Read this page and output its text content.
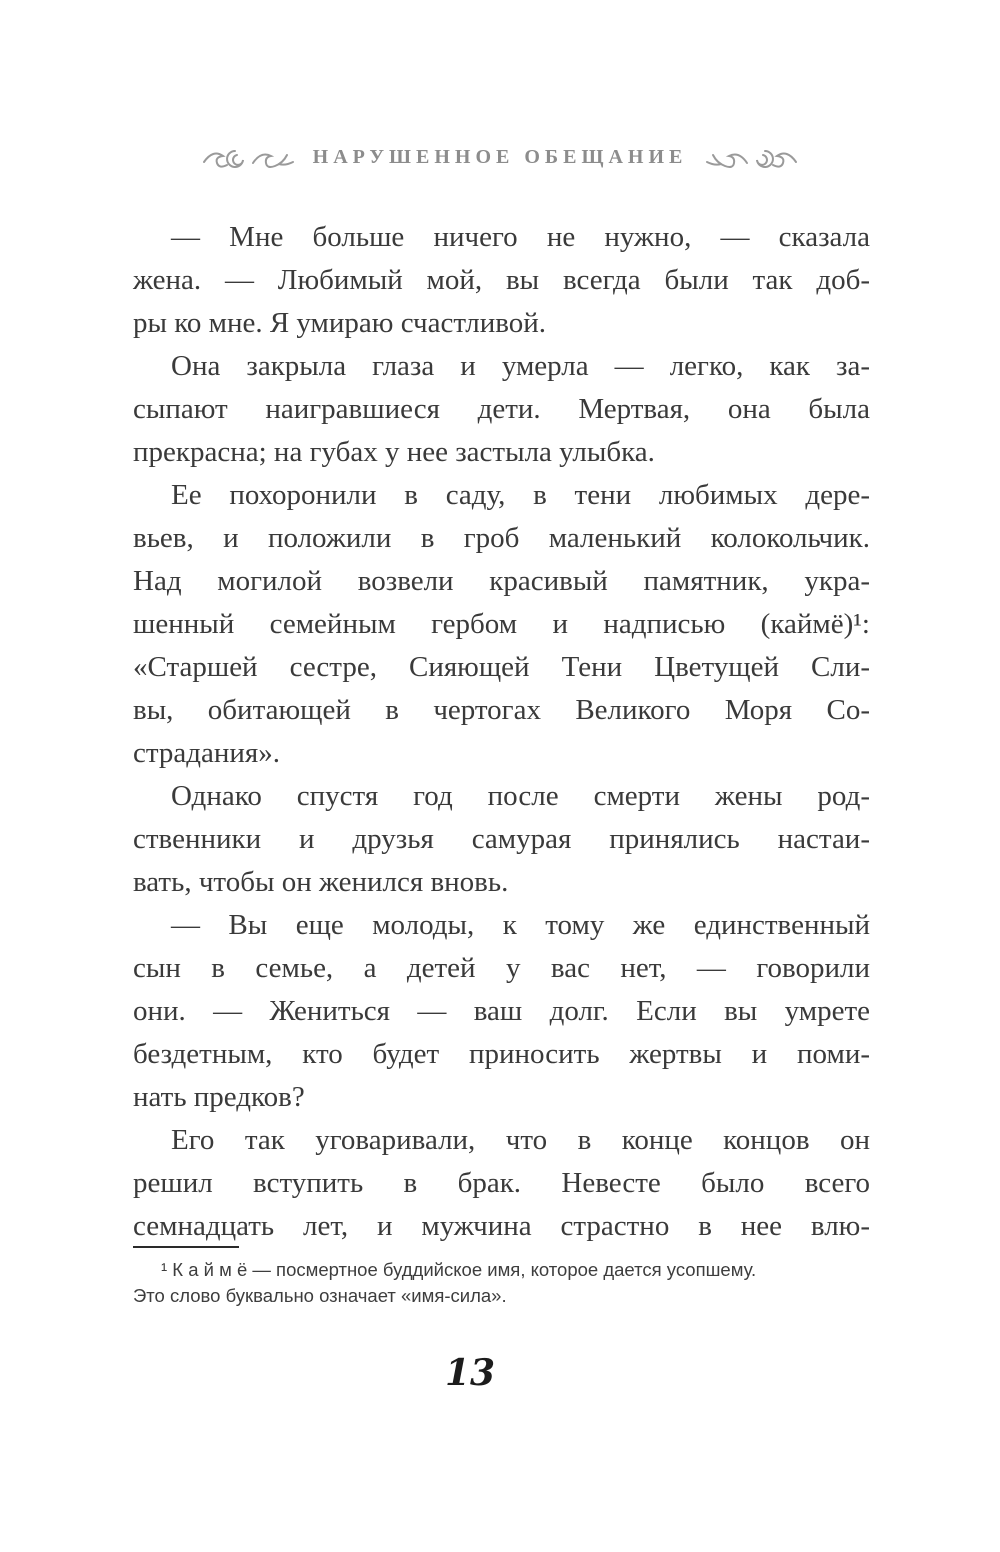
НАРУШЕННОЕ ОБЕЩАНИЕ
— Мне больше ничего не нужно, — сказала
жена. — Любимый мой, вы всегда были так доб-
ры ко мне. Я умираю счастливой.
Она закрыла глаза и умерла — легко, как за-
сыпают наигравшиеся дети. Мертвая, она была
прекрасна; на губах у нее застыла улыбка.
Ее похоронили в саду, в тени любимых дере-
вьев, и положили в гроб маленький колокольчик.
Над могилой возвели красивый памятник, укра-
шенный семейным гербом и надписью (каймё)¹:
«Старшей сестре, Сияющей Тени Цветущей Сли-
вы, обитающей в чертогах Великого Моря Со-
страдания».
Однако спустя год после смерти жены род-
ственники и друзья самурая принялись настаи-
вать, чтобы он женился вновь.
— Вы еще молоды, к тому же единственный
сын в семье, а детей у вас нет, — говорили
они. — Жениться — ваш долг. Если вы умрете
бездетным, кто будет приносить жертвы и поми-
нать предков?
Его так уговаривали, что в конце концов он
решил вступить в брак. Невесте было всего
семнадцать лет, и мужчина страстно в нее влю-
¹ К а й м ё — посмертное буддийское имя, которое дается усопшему.
Это слово буквально означает «имя-сила».
13
